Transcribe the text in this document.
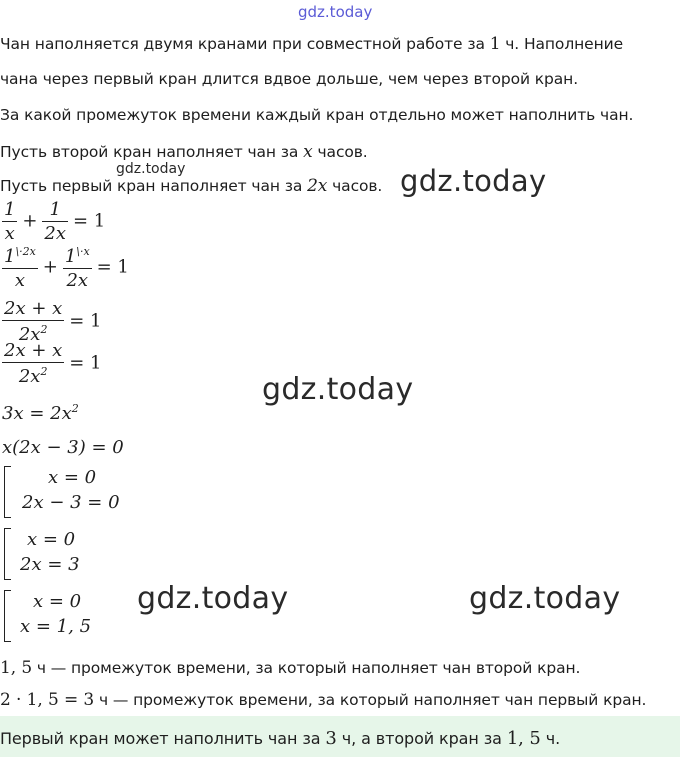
gdz.today
Чан наполняется двумя кранами при совместной работе за 1 ч. Наполнение
чана через первый кран длится вдвое дольше, чем через второй кран.
За какой промежуток времени каждый кран отдельно может наполнить чан.
Пусть второй кран наполняет чан за x часов.
gdz.today
Пусть первый кран наполняет чан за 2x часов. gdz.today
$\frac{1}{x} + \frac{1}{2x} = 1$
$\frac{1^{\backslash\cdot 2x}}{x} + \frac{1^{\backslash\cdot x}}{2x} = 1$
$\frac{2x + x}{2x^2} = 1$
$\frac{2x + x}{2x^2} = 1$
gdz.today
$3x = 2x^2$
x(2x − 3) = 0
x = 0
2x − 3 = 0
x = 0
2x = 3
x = 0
x = 1, 5
gdz.today	gdz.today
1, 5 ч — промежуток времени, за который наполняет чан второй кран.
2 · 1, 5 = 3 ч — промежуток времени, за который наполняет чан первый кран.
Первый кран может наполнить чан за 3 ч, а второй кран за 1, 5 ч.
